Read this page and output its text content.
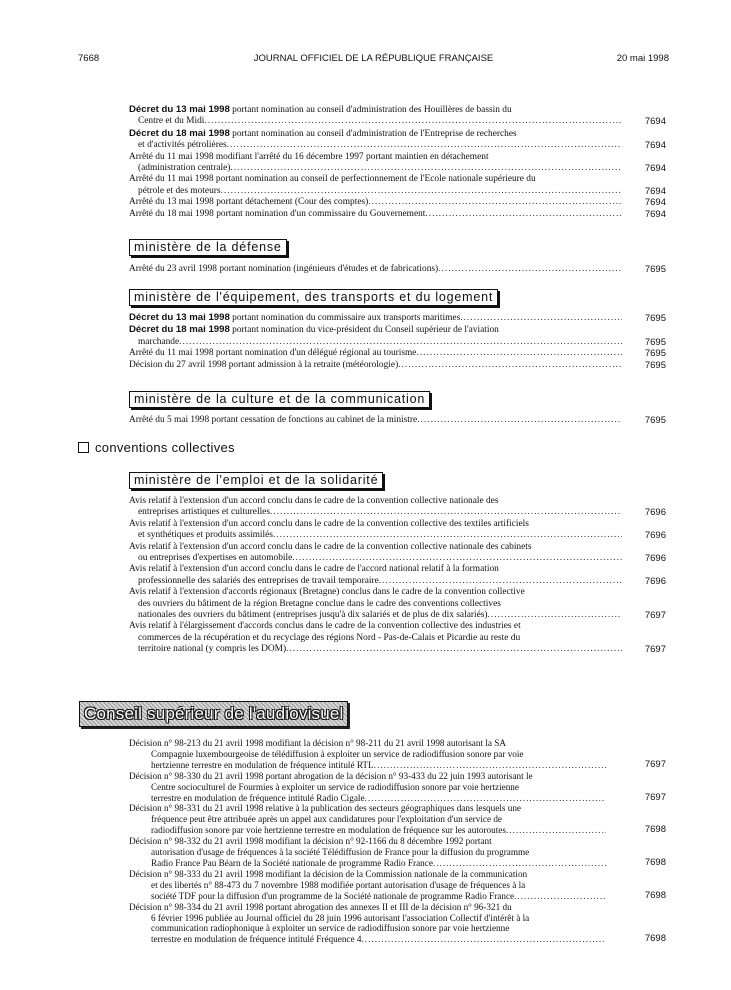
7668	JOURNAL OFFICIEL DE LA RÉPUBLIQUE FRANÇAISE	20 mai 1998
Décret du 13 mai 1998 portant nomination au conseil d'administration des Houillères de bassin du
Centre et du Midi .....	7694
Décret du 18 mai 1998 portant nomination au conseil d'administration de l'Entreprise de recherches
et d'activités pétrolières .....	7694
Arrêté du 11 mai 1998 modifiant l'arrêté du 16 décembre 1997 portant maintien en détachement
(administration centrale) .....	7694
Arrêté du 11 mai 1998 portant nomination au conseil de perfectionnement de l'Ecole nationale supérieure du
pétrole et des moteurs .....	7694
Arrêté du 13 mai 1998 portant détachement (Cour des comptes) .....	7694
Arrêté du 18 mai 1998 portant nomination d'un commissaire du Gouvernement .....	7694
ministère de la défense
Arrêté du 23 avril 1998 portant nomination (ingénieurs d'études et de fabrications) .....	7695
ministère de l'équipement, des transports et du logement
Décret du 13 mai 1998 portant nomination du commissaire aux transports maritimes .....	7695
Décret du 18 mai 1998 portant nomination du vice-président du Conseil supérieur de l'aviation
marchande .....	7695
Arrêté du 11 mai 1998 portant nomination d'un délégué régional au tourisme .....	7695
Décision du 27 avril 1998 portant admission à la retraite (météorologie) .....	7695
ministère de la culture et de la communication
Arrêté du 5 mai 1998 portant cessation de fonctions au cabinet de la ministre .....	7695
conventions collectives
ministère de l'emploi et de la solidarité
Avis relatif à l'extension d'un accord conclu dans le cadre de la convention collective nationale des
entreprises artistiques et culturelles .....	7696
Avis relatif à l'extension d'un accord conclu dans le cadre de la convention collective des textiles artificiels
et synthétiques et produits assimilés .....	7696
Avis relatif à l'extension d'un accord conclu dans le cadre de la convention collective nationale des cabinets
ou entreprises d'expertises en automobile .....	7696
Avis relatif à l'extension d'un accord conclu dans le cadre de l'accord national relatif à la formation
professionnelle des salariés des entreprises de travail temporaire .....	7696
Avis relatif à l'extension d'accords régionaux (Bretagne) conclus dans le cadre de la convention collective
des ouvriers du bâtiment de la région Bretagne conclue dans le cadre des conventions collectives
nationales des ouvriers du bâtiment (entreprises jusqu'à dix salariés et de plus de dix salariés) .....	7697
Avis relatif à l'élargissement d'accords conclus dans le cadre de la convention collective des industries et
commerces de la récupération et du recyclage des régions Nord - Pas-de-Calais et Picardie au reste du
territoire national (y compris les DOM) .....	7697
Conseil supérieur de l'audiovisuel
Décision n° 98-213 du 21 avril 1998 modifiant la décision n° 98-211 du 21 avril 1998 autorisant la SA
Compagnie luxembourgeoise de télédiffusion à exploiter un service de radiodiffusion sonore par voie
hertzienne terrestre en modulation de fréquence intitulé RTL .....	7697
Décision n° 98-330 du 21 avril 1998 portant abrogation de la décision n° 93-433 du 22 juin 1993 autorisant le
Centre socioculturel de Fourmies à exploiter un service de radiodiffusion sonore par voie hertzienne
terrestre en modulation de fréquence intitulé Radio Cigale .....	7697
Décision n° 98-331 du 21 avril 1998 relative à la publication des secteurs géographiques dans lesquels une
fréquence peut être attribuée après un appel aux candidatures pour l'exploitation d'un service de
radiodiffusion sonore par voie hertzienne terrestre en modulation de fréquence sur les autoroutes .....	7698
Décision n° 98-332 du 21 avril 1998 modifiant la décision n° 92-1166 du 8 décembre 1992 portant
autorisation d'usage de fréquences à la société Télédiffusion de France pour la diffusion du programme
Radio France Pau Béarn de la Société nationale de programme Radio France .....	7698
Décision n° 98-333 du 21 avril 1998 modifiant la décision de la Commission nationale de la communication
et des libertés n° 88-473 du 7 novembre 1988 modifiée portant autorisation d'usage de fréquences à la
société TDF pour la diffusion d'un programme de la Société nationale de programme Radio France .....	7698
Décision n° 98-334 du 21 avril 1998 portant abrogation des annexes II et III de la décision n° 96-321 du
6 février 1996 publiée au Journal officiel du 28 juin 1996 autorisant l'association Collectif d'intérêt à la
communication radiophonique à exploiter un service de radiodiffusion sonore par voie hertzienne
terrestre en modulation de fréquence intitulé Fréquence 4 .....	7698
